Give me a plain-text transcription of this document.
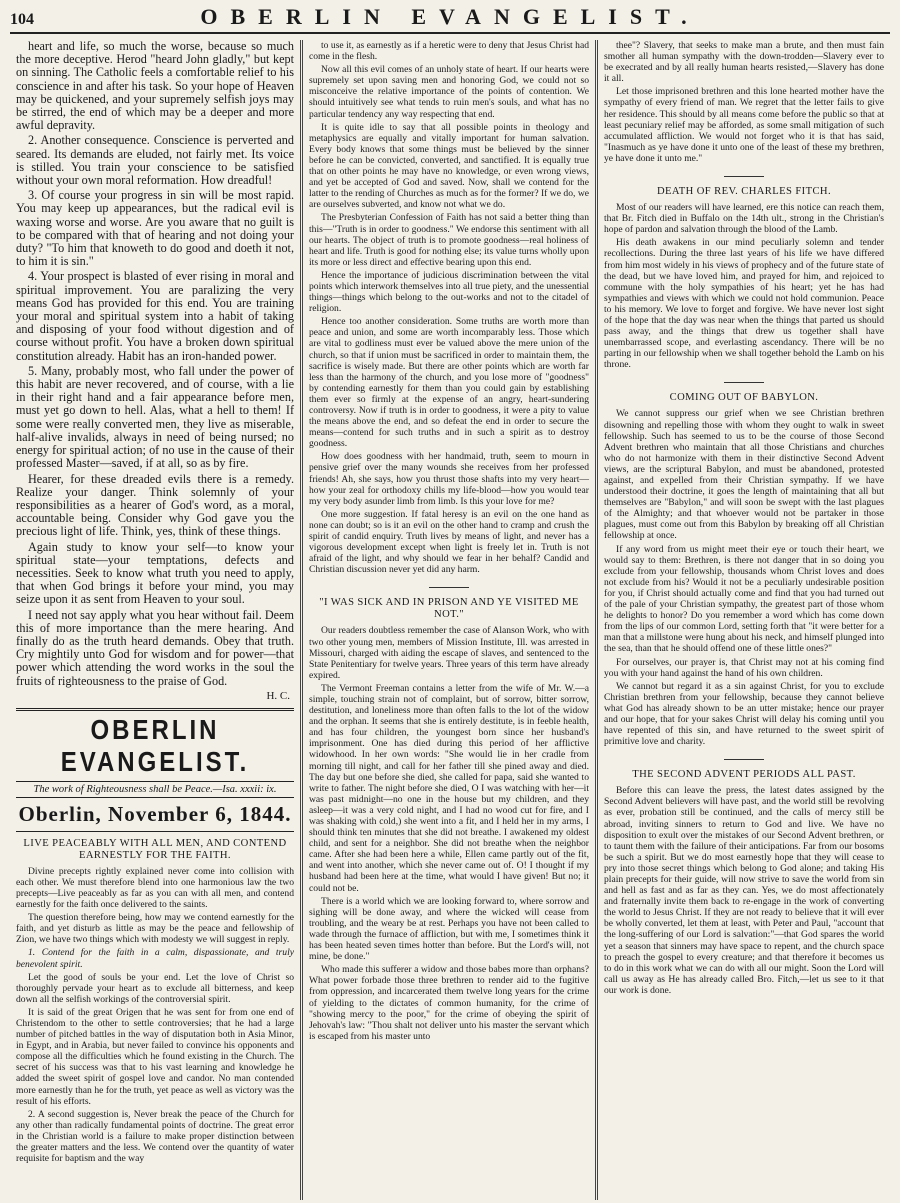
104	OBERLIN EVANGELIST.

heart and life, so much the worse, because so much the more deceptive. Herod "heard John gladly," but kept on sinning. The Catholic feels a comfortable relief to his conscience in and after his task. So your hope of Heaven may be quickened, and your supremely selfish joys may be stirred, the end of which may be a deeper and more awful depravity.

2. Another consequence. Conscience is perverted and seared. Its demands are eluded, not fairly met. Its voice is stilled. You train your conscience to be satisfied without your own moral reformation. How dreadful!

3. Of course your progress in sin will be most rapid. You may keep up appearances, but the radical evil is waxing worse and worse. Are you aware that no guilt is to be compared with that of hearing and not doing your duty? "To him that knoweth to do good and doeth it not, to him it is sin."

4. Your prospect is blasted of ever rising in moral and spiritual improvement. You are paralizing the very means God has provided for this end. You are training your moral and spiritual system into a habit of taking and disposing of your food without digestion and of course without profit. You have a broken down spiritual constitution already. Habit has an iron-handed power.

5. Many, probably most, who fall under the power of this habit are never recovered, and of course, with a lie in their right hand and a fair appearance before men, must yet go down to hell. Alas, what a hell to them! If some were really converted men, they live as miserable, half-alive invalids, always in need of being nursed; no energy for spiritual action; of no use in the cause of their professed Master—saved, if at all, so as by fire.

Hearer, for these dreaded evils there is a remedy. Realize your danger. Think solemnly of your responsibilities as a hearer of God's word, as a moral, accountable being. Consider why God gave you the precious light of life. Think, yes, think of these things.

Again study to know your self—to know your spiritual state—your temptations, defects and necessities. Seek to know what truth you need to apply, that when God brings it before your mind, you may seize upon it as sent from Heaven to your soul.

I need not say apply what you hear without fail. Deem this of more importance than the mere hearing. And finally do as the truth heard demands. Obey that truth. Cry mightily unto God for wisdom and for power—that power which attending the word works in the soul the fruits of righteousness to the praise of God.

H. C.
OBERLIN EVANGELIST.
The work of Righteousness shall be Peace.—Isa. xxxii: ix.
Oberlin, November 6, 1844.
LIVE PEACEABLY WITH ALL MEN, AND CONTEND EARNESTLY FOR THE FAITH.

Divine precepts rightly explained never come into collision with each other. We must therefore blend into one harmonious law the two precepts—Live peaceably as far as you can with all men, and contend earnestly for the faith once delivered to the saints.

The question therefore being, how may we contend earnestly for the faith, and yet disturb as little as may be the peace and fellowship of Zion, we have two things which with modesty we will suggest in reply.

1. Contend for the faith in a calm, dispassionate, and truly benevolent spirit.

Let the good of souls be your end. Let the love of Christ so thoroughly pervade your heart as to exclude all bitterness, and keep down all the selfish workings of the controversial spirit.

It is said of the great Origen that he was sent for from one end of Christendom to the other to settle controversies; that he had a large number of pitched battles in the way of disputation both in Asia Minor, in Egypt, and in Arabia, but never failed to convince his opponents and compose all the difficulties which he found existing in the Church. The secret of his success was that to his vast learning and knowledge he added the sweet spirit of gospel love and candor. No man contended more earnestly than he for the truth, yet peace as well as victory was the result of his efforts.

2. A second suggestion is, Never break the peace of the Church for any other than radically fundamental points of doctrine. The great error in the Christian world is a failure to make proper distinction between the greater matters and the less. We contend over the quantity of water requisite for baptism and the way

to use it, as earnestly as if a heretic were to deny that Jesus Christ had come in the flesh.

Now all this evil comes of an unholy state of heart. If our hearts were supremely set upon saving men and honoring God, we could not so misconceive the relative importance of the points of contention. We should intuitively see what tends to ruin men's souls, and what has no particular tendency any way respecting that end.

It is quite idle to say that all possible points in theology and metaphysics are equally and vitally important for human salvation. Every body knows that some things must be believed by the sinner before he can be convicted, converted, and sanctified. It is equally true that on other points he may have no knowledge, or even wrong views, and yet be accepted of God and saved. Now, shall we contend for the latter to the rending of Churches as much as for the former? If we do, we are ourselves subverted, and know not what we do.

The Presbyterian Confession of Faith has not said a better thing than this—"Truth is in order to goodness." We endorse this sentiment with all our hearts. The object of truth is to promote goodness—real holiness of heart and life. Truth is good for nothing else; its value turns wholly upon its more or less direct and effective bearing upon this end.

Hence the importance of judicious discrimination between the vital points which interwork themselves into all true piety, and the unessential things—things which belong to the out-works and not to the citadel of religion.

Hence too another consideration. Some truths are worth more than peace and union, and some are worth incomparably less. Those which are vital to godliness must ever be valued above the mere union of the church, so that if union must be sacrificed in order to maintain them, the sacrifice is wisely made. But there are other points which are worth far less than the harmony of the church, and you lose more of "goodness" by contending earnestly for them than you could gain by establishing them ever so firmly at the expense of an angry, heart-sundering controversy. Now if truth is in order to goodness, it were a pity to value the means above the end, and so defeat the end in order to secure the means—contend for such truths and in such a spirit as to destroy goodness.

How does goodness with her handmaid, truth, seem to mourn in pensive grief over the many wounds she receives from her professed friends! Ah, she says, how you thrust those shafts into my very heart—how your zeal for orthodoxy chills my life-blood—how you would tear my very body asunder limb from limb. Is this your love for me?

One more suggestion. If fatal heresy is an evil on the one hand as none can doubt; so is it an evil on the other hand to cramp and crush the spirit of candid enquiry. Truth lives by means of light, and never has a vigorous development except when light is freely let in. Truth is not afraid of the light, and why should we fear in her behalf? Candid and Christian discussion never yet did any harm.

"I WAS SICK AND IN PRISON AND YE VISITED ME NOT."

Our readers doubtless remember the case of Alanson Work, who with two other young men, members of Mission Institute, Ill. was arrested in Missouri, charged with aiding the escape of slaves, and sentenced to the State Penitentiary for twelve years. Three years of this term have already expired.

The Vermont Freeman contains a letter from the wife of Mr. W.—a simple, touching strain not of complaint, but of sorrow, bitter sorrow, destitution, and loneliness more than often falls to the lot of the widow and the orphan. It seems that she is entirely destitute, is in feeble health, and has four children, the youngest born since her husband's imprisonment. One has died during this period of her afflictive widowhood. In her own words: "She would lie in her cradle from morning till night, and call for her father till she pined away and died. The day but one before she died, she called for papa, said she wanted to write to father. The night before she died, O I was watching with her—it was past midnight—no one in the house but my children, and they asleep—it was a very cold night, and I had no wood cut for fire, and I was shaking with cold,) she went into a fit, and I held her in my arms, I should think ten minutes that she did not breathe. I awakened my oldest child, and sent for a neighbor. She did not breathe when the neighbor came. After she had been here a while, Ellen came partly out of the fit, and went into another, which she never came out of. O! I thought if my husband had been here at the time, what would I have given! But no; it could not be.

There is a world which we are looking forward to, where sorrow and sighing will be done away, and where the wicked will cease from troubling, and the weary be at rest. Perhaps you have not been called to wade through the furnace of affliction, but with me, I sometimes think it has been heated seven times hotter than before. But the Lord's will, not mine, be done."

Who made this sufferer a widow and those babes more than orphans? What power forbade those three brethren to render aid to the fugitive from oppression, and incarcerated them twelve long years for the crime of yielding to the dictates of common humanity, for the crime of "showing mercy to the poor," for the crime of obeying the spirit of Jehovah's law: "Thou shalt not deliver unto his master the servant which is escaped from his master unto

thee"? Slavery, that seeks to make man a brute, and then must fain smother all human sympathy with the down-trodden—Slavery ever to be execrated and by all really human hearts resisted,—Slavery has done it all.

Let those imprisoned brethren and this lone hearted mother have the sympathy of every friend of man. We regret that the letter fails to give her residence. This should by all means come before the public so that at least pecuniary relief may be afforded, as some small mitigation of such accumulated affliction. We would not forget who it is that has said, "Inasmuch as ye have done it unto one of the least of these my brethren, ye have done it unto me."

DEATH OF REV. CHARLES FITCH.

Most of our readers will have learned, ere this notice can reach them, that Br. Fitch died in Buffalo on the 14th ult., strong in the Christian's hope of pardon and salvation through the blood of the Lamb.

His death awakens in our mind peculiarly solemn and tender recollections. During the three last years of his life we have differed from him most widely in his views of prophecy and of the future state of the dead, but we have loved him, and prayed for him, and rejoiced to commune with the holy sympathies of his heart; yet he has had sympathies and views with which we could not hold communion. Peace to his memory. We love to forget and forgive. We have never lost sight of the hope that the day was near when the things that parted us should pass away, and the things that drew us together shall have unembarrassed scope, and everlasting ascendancy. There will be no parting in our fellowship when we shall together behold the Lamb on his throne.

COMING OUT OF BABYLON.

We cannot suppress our grief when we see Christian brethren disowning and repelling those with whom they ought to walk in sweet fellowship. Such has seemed to us to be the course of those Second Advent brethren who maintain that all those Christians and churches who do not harmonize with them in their distinctive Second Advent views, are the scriptural Babylon, and must be abandoned, protested against, and expelled from their Christian sympathy. If we have understood their doctrine, it goes the length of maintaining that all but themselves are "Babylon," and will soon be swept with the last plagues of the Almighty; and that whoever would not be partaker in those plagues, must come out from this Babylon by breaking off all Christian fellowship at once.

If any word from us might meet their eye or touch their heart, we would say to them: Brethren, is there not danger that in so doing you exclude from your fellowship, thousands whom Christ loves and does not exclude from his? Would it not be a peculiarly undesirable position for you, if Christ should actually come and find that you had turned out of the pale of your Christian sympathy, the greatest part of those whom he delights to honor? Do you remember a word which has come down from the lips of our common Lord, setting forth that "it were better for a man that a millstone were hung about his neck, and himself plunged into the sea, than that he should offend one of these little ones?"

For ourselves, our prayer is, that Christ may not at his coming find you with your hand against the hand of his own children.

We cannot but regard it as a sin against Christ, for you to exclude Christian brethren from your fellowship, because they cannot believe what God has already shown to be an utter mistake; hence our prayer and our hope, that for your sakes Christ will delay his coming until you have repented of this sin, and have returned to the sweet spirit of primitive love and charity.

THE SECOND ADVENT PERIODS ALL PAST.

Before this can leave the press, the latest dates assigned by the Second Advent believers will have past, and the world still be revolving as ever, probation still be continued, and the calls of mercy still be abroad, inviting sinners to return to God and live. We have no disposition to exult over the mistakes of our Second Advent brethren, or to taunt them with the failure of their anticipations. Far from our bosoms be such a spirit. But we do most earnestly hope that they will cease to pry into those secret things which belong to God alone; and taking His plain precepts for their guide, will now strive to save the world from sin and hell as fast and as far as they can. Yes, we do most affectionately and fraternally invite them back to re-engage in the work of converting the world to Jesus Christ. If they are not ready to believe that it will ever be wholly converted, let them at least, with Peter and Paul, "account that the long-suffering of our Lord is salvation:"—that God spares the world yet a season that sinners may have space to repent, and the church space to preach the gospel to every creature; and that therefore it becomes us to do in this work what we can do with all our might. Soon the Lord will call us away as He has already called Bro. Fitch,—let us see to it that our work is done.
